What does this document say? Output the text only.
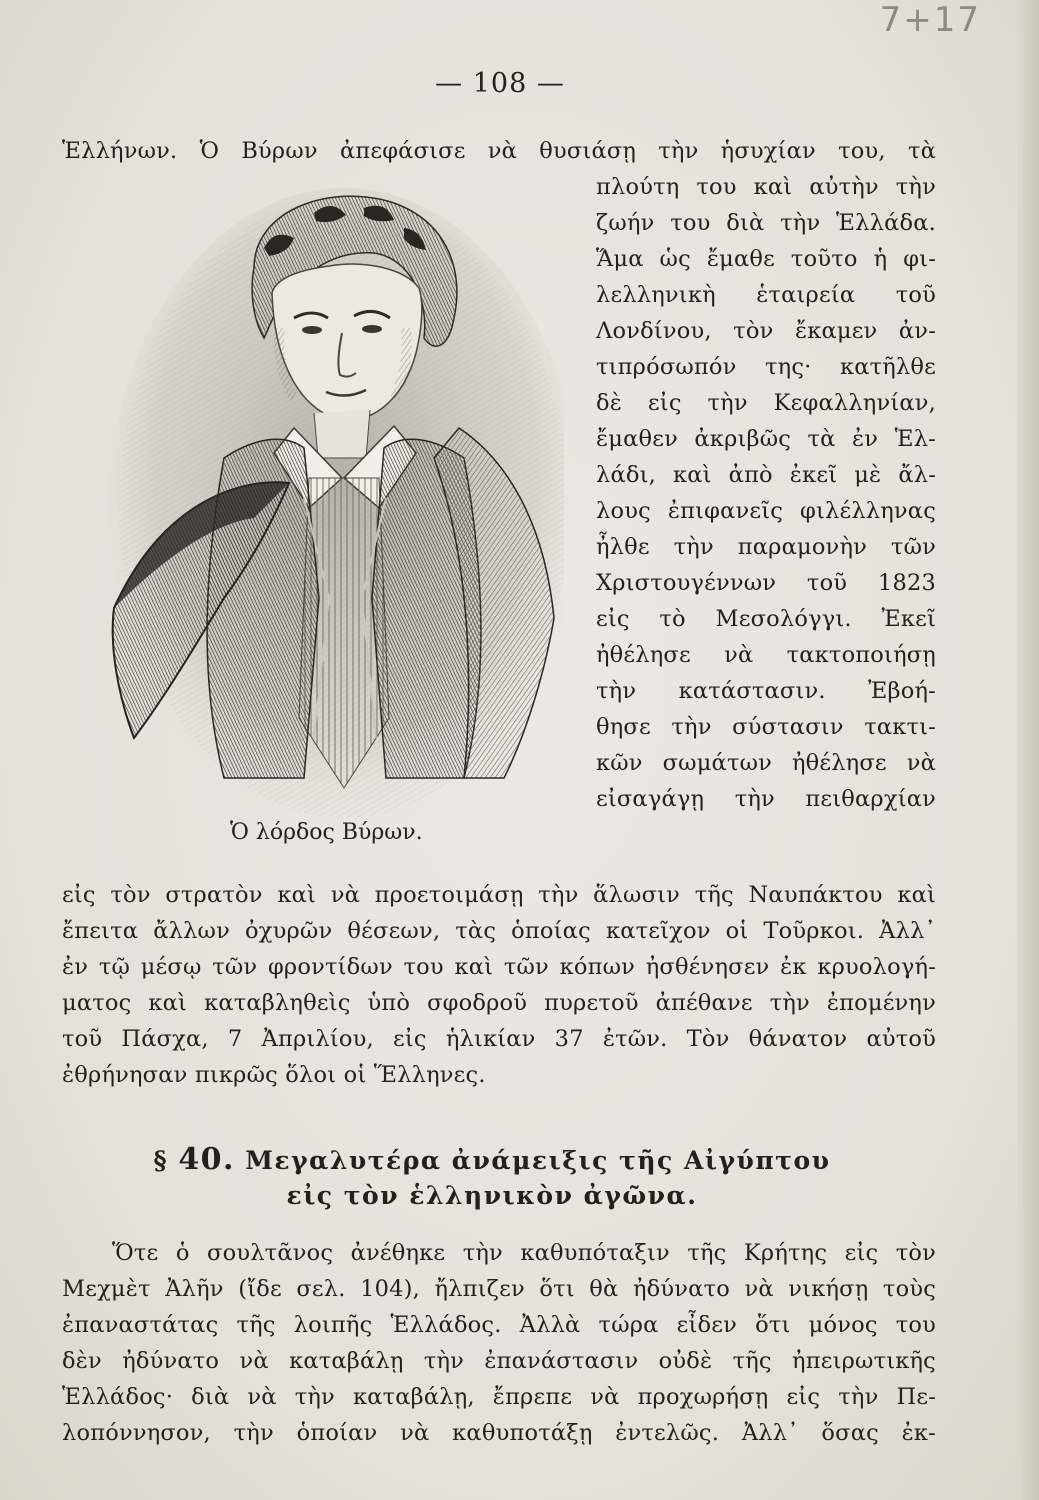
7+17
— 108 —
Ἑλλήνων. Ὁ Βύρων ἀπεφάσισε νὰ θυσιάσῃ τὴν ἡσυχίαν του, τὰ
Ὁ λόρδος Βύρων.
πλούτη του καὶ αὐτὴν τὴν
ζωήν του διὰ τὴν Ἑλλάδα.
Ἅμα ὡς ἔμαθε τοῦτο ἡ φι-
λελληνικὴ ἑταιρεία τοῦ
Λονδίνου, τὸν ἔκαμεν ἀν-
τιπρόσωπόν της· κατῆλθε
δὲ εἰς τὴν Κεφαλληνίαν,
ἔμαθεν ἀκριβῶς τὰ ἐν Ἑλ-
λάδι, καὶ ἀπὸ ἐκεῖ μὲ ἄλ-
λους ἐπιφανεῖς φιλέλληνας
ἦλθε τὴν παραμονὴν τῶν
Χριστουγέννων τοῦ 1823
εἰς τὸ Μεσολόγγι. Ἐκεῖ
ἠθέλησε νὰ τακτοποιήσῃ
τὴν κατάστασιν. Ἐβοή-
θησε τὴν σύστασιν τακτι-
κῶν σωμάτων ἠθέλησε νὰ
εἰσαγάγῃ τὴν πειθαρχίαν
εἰς τὸν στρατὸν καὶ νὰ προετοιμάσῃ τὴν ἅλωσιν τῆς Ναυπάκτου καὶ
ἔπειτα ἄλλων ὀχυρῶν θέσεων, τὰς ὁποίας κατεῖχον οἱ Τοῦρκοι. Ἀλλ᾽
ἐν τῷ μέσῳ τῶν φροντίδων του καὶ τῶν κόπων ἠσθένησεν ἐκ κρυολογή-
ματος καὶ καταβληθεὶς ὑπὸ σφοδροῦ πυρετοῦ ἀπέθανε τὴν ἐπομένην
τοῦ Πάσχα, 7 Ἀπριλίου, εἰς ἡλικίαν 37 ἐτῶν. Τὸν θάνατον αὐτοῦ
ἐθρήνησαν πικρῶς ὅλοι οἱ Ἕλληνες.
§ 40. Μεγαλυτέρα ἀνάμειξις τῆς Αἰγύπτου
εἰς τὸν ἑλληνικὸν ἀγῶνα.
Ὅτε ὁ σουλτᾶνος ἀνέθηκε τὴν καθυπόταξιν τῆς Κρήτης εἰς τὸν
Μεχμὲτ Ἀλῆν (ἴδε σελ. 104), ἤλπιζεν ὅτι θὰ ἠδύνατο νὰ νικήσῃ τοὺς
ἐπαναστάτας τῆς λοιπῆς Ἑλλάδος. Ἀλλὰ τώρα εἶδεν ὅτι μόνος του
δὲν ἠδύνατο νὰ καταβάλῃ τὴν ἐπανάστασιν οὐδὲ τῆς ἠπειρωτικῆς
Ἑλλάδος· διὰ νὰ τὴν καταβάλῃ, ἔπρεπε νὰ προχωρήσῃ εἰς τὴν Πε-
λοπόννησον, τὴν ὁποίαν νὰ καθυποτάξῃ ἐντελῶς. Ἀλλ᾽ ὅσας ἐκ-
